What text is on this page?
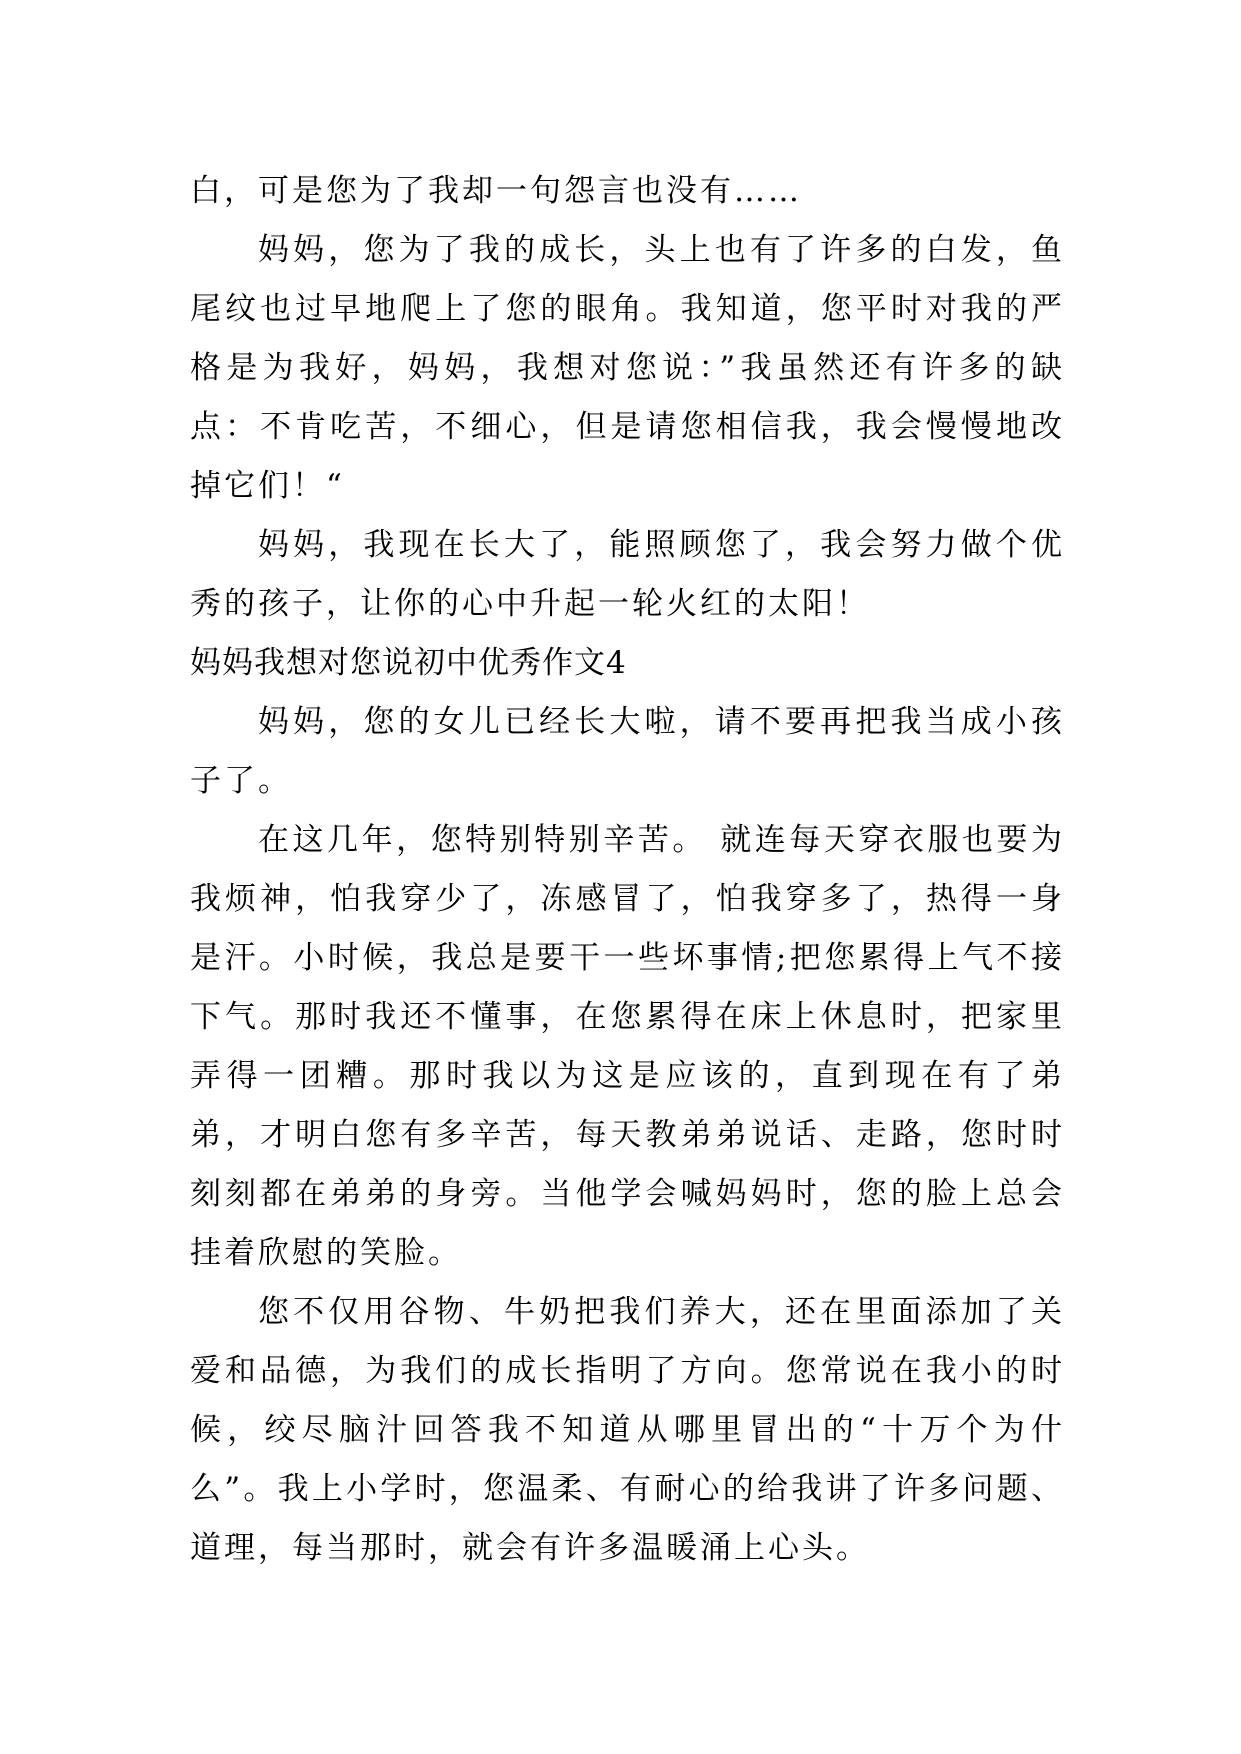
白，可是您为了我却一句怨言也没有……

妈妈，您为了我的成长，头上也有了许多的白发，鱼尾纹也过早地爬上了您的眼角。我知道，您平时对我的严格是为我好，妈妈，我想对您说：”我虽然还有许多的缺点：不肯吃苦，不细心，但是请您相信我，我会慢慢地改掉它们！“

妈妈，我现在长大了，能照顾您了，我会努力做个优秀的孩子，让你的心中升起一轮火红的太阳！

妈妈我想对您说初中优秀作文4

妈妈，您的女儿已经长大啦，请不要再把我当成小孩子了。

在这几年，您特别特别辛苦。 就连每天穿衣服也要为我烦神，怕我穿少了，冻感冒了，怕我穿多了，热得一身是汗。小时候，我总是要干一些坏事情;把您累得上气不接下气。那时我还不懂事，在您累得在床上休息时，把家里弄得一团糟。那时我以为这是应该的，直到现在有了弟弟，才明白您有多辛苦，每天教弟弟说话、走路，您时时刻刻都在弟弟的身旁。当他学会喊妈妈时，您的脸上总会挂着欣慰的笑脸。

您不仅用谷物、牛奶把我们养大，还在里面添加了关爱和品德，为我们的成长指明了方向。您常说在我小的时候，绞尽脑汁回答我不知道从哪里冒出的“十万个为什么”。我上小学时，您温柔、有耐心的给我讲了许多问题、道理，每当那时，就会有许多温暖涌上心头。
